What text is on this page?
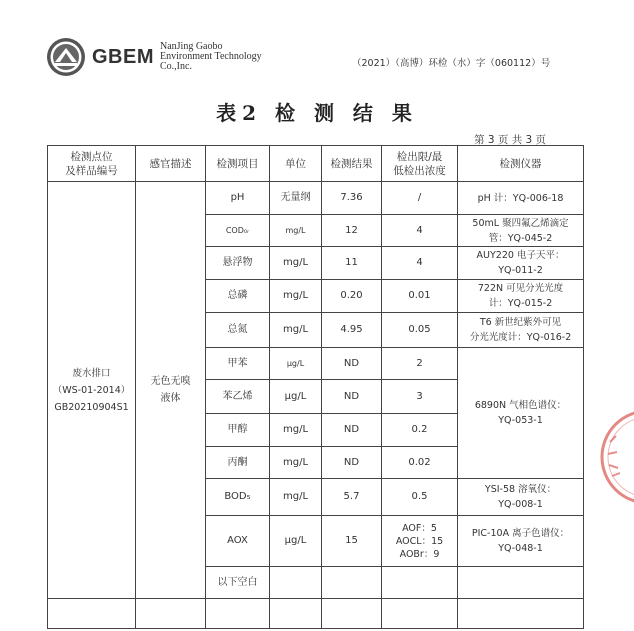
GBEM NanJing Gaobo
Environment Technology
Co.,Inc.	（2021）（高博）环检（水）字（060112）号
表2 检 测 结 果
第 3 页 共 3 页
检测点位
及样品编号	感官描述	检测项目	单位	检测结果	检出限/最
低检出浓度	检测仪器
废水排口
（WS-01-2014）
GB20210904S1	无色无嗅
液体	pH	无量纲	7.36	/	pH 计：YQ-006-18
		COD₀ᵣ	mg/L	12	4	50mL 聚四氟乙烯滴定
管：YQ-045-2
		悬浮物	mg/L	11	4	AUY220 电子天平：
YQ-011-2
		总磷	mg/L	0.20	0.01	722N 可见分光光度
计：YQ-015-2
		总氮	mg/L	4.95	0.05	T6 新世纪紫外可见
分光光度计：YQ-016-2
		甲苯	μg/L	ND	2	6890N 气相色谱仪：
YQ-053-1
		苯乙烯	μg/L	ND	3	
		甲醇	mg/L	ND	0.2	
		丙酮	mg/L	ND	0.02	
		BOD₅	mg/L	5.7	0.5	YSI-58 溶氧仪：
YQ-008-1
		AOX	μg/L	15	AOF：5
AOCL：15
AOBr：9	PIC-10A 离子色谱仪：
YQ-048-1
		以下空白				
